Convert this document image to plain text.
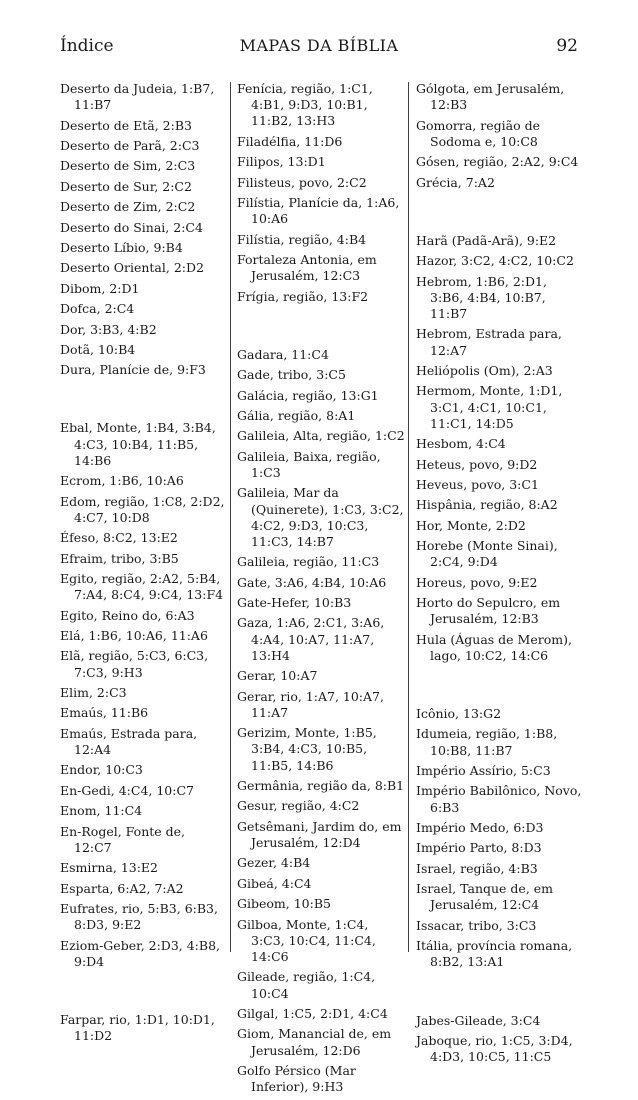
Índice	MAPAS DA BÍBLIA	92

Deserto da Judeia, 1:B7, 11:B7

Deserto de Etã, 2:B3

Deserto de Parã, 2:C3

Deserto de Sim, 2:C3

Deserto de Sur, 2:C2

Deserto de Zim, 2:C2

Deserto do Sinai, 2:C4

Deserto Líbio, 9:B4

Deserto Oriental, 2:D2

Dibom, 2:D1

Dofca, 2:C4

Dor, 3:B3, 4:B2

Dotã, 10:B4

Dura, Planície de, 9:F3

Ebal, Monte, 1:B4, 3:B4, 4:C3, 10:B4, 11:B5, 14:B6

Ecrom, 1:B6, 10:A6

Edom, região, 1:C8, 2:D2, 4:C7, 10:D8

Éfeso, 8:C2, 13:E2

Efraim, tribo, 3:B5

Egito, região, 2:A2, 5:B4, 7:A4, 8:C4, 9:C4, 13:F4

Egito, Reino do, 6:A3

Elá, 1:B6, 10:A6, 11:A6

Elã, região, 5:C3, 6:C3, 7:C3, 9:H3

Elim, 2:C3

Emaús, 11:B6

Emaús, Estrada para, 12:A4

Endor, 10:C3

En-Gedi, 4:C4, 10:C7

Enom, 11:C4

En-Rogel, Fonte de, 12:C7

Esmirna, 13:E2

Esparta, 6:A2, 7:A2

Eufrates, rio, 5:B3, 6:B3, 8:D3, 9:E2

Eziom-Geber, 2:D3, 4:B8, 9:D4

Farpar, rio, 1:D1, 10:D1, 11:D2

Fenícia, região, 1:C1, 4:B1, 9:D3, 10:B1, 11:B2, 13:H3

Filadélfia, 11:D6

Filipos, 13:D1

Filisteus, povo, 2:C2

Filístia, Planície da, 1:A6, 10:A6

Filístia, região, 4:B4

Fortaleza Antonia, em Jerusalém, 12:C3

Frígia, região, 13:F2

Gadara, 11:C4

Gade, tribo, 3:C5

Galácia, região, 13:G1

Gália, região, 8:A1

Galileia, Alta, região, 1:C2

Galileia, Baixa, região, 1:C3

Galileia, Mar da (Quinerete), 1:C3, 3:C2, 4:C2, 9:D3, 10:C3, 11:C3, 14:B7

Galileia, região, 11:C3

Gate, 3:A6, 4:B4, 10:A6

Gate-Hefer, 10:B3

Gaza, 1:A6, 2:C1, 3:A6, 4:A4, 10:A7, 11:A7, 13:H4

Gerar, 10:A7

Gerar, rio, 1:A7, 10:A7, 11:A7

Gerizim, Monte, 1:B5, 3:B4, 4:C3, 10:B5, 11:B5, 14:B6

Germânia, região da, 8:B1

Gesur, região, 4:C2

Getsêmani, Jardim do, em Jerusalém, 12:D4

Gezer, 4:B4

Gibeá, 4:C4

Gibeom, 10:B5

Gilboa, Monte, 1:C4, 3:C3, 10:C4, 11:C4, 14:C6

Gileade, região, 1:C4, 10:C4

Gilgal, 1:C5, 2:D1, 4:C4

Giom, Manancial de, em Jerusalém, 12:D6

Golfo Pérsico (Mar Inferior), 9:H3

Gólgota, em Jerusalém, 12:B3

Gomorra, região de Sodoma e, 10:C8

Gósen, região, 2:A2, 9:C4

Grécia, 7:A2

Harã (Padã-Arã), 9:E2

Hazor, 3:C2, 4:C2, 10:C2

Hebrom, 1:B6, 2:D1, 3:B6, 4:B4, 10:B7, 11:B7

Hebrom, Estrada para, 12:A7

Heliópolis (Om), 2:A3

Hermom, Monte, 1:D1, 3:C1, 4:C1, 10:C1, 11:C1, 14:D5

Hesbom, 4:C4

Heteus, povo, 9:D2

Heveus, povo, 3:C1

Hispânia, região, 8:A2

Hor, Monte, 2:D2

Horebe (Monte Sinai), 2:C4, 9:D4

Horeus, povo, 9:E2

Horto do Sepulcro, em Jerusalém, 12:B3

Hula (Águas de Merom), lago, 10:C2, 14:C6

Icônio, 13:G2

Idumeia, região, 1:B8, 10:B8, 11:B7

Império Assírio, 5:C3

Império Babilônico, Novo, 6:B3

Império Medo, 6:D3

Império Parto, 8:D3

Israel, região, 4:B3

Israel, Tanque de, em Jerusalém, 12:C4

Issacar, tribo, 3:C3

Itália, província romana, 8:B2, 13:A1

Jabes-Gileade, 3:C4

Jaboque, rio, 1:C5, 3:D4, 4:D3, 10:C5, 11:C5
